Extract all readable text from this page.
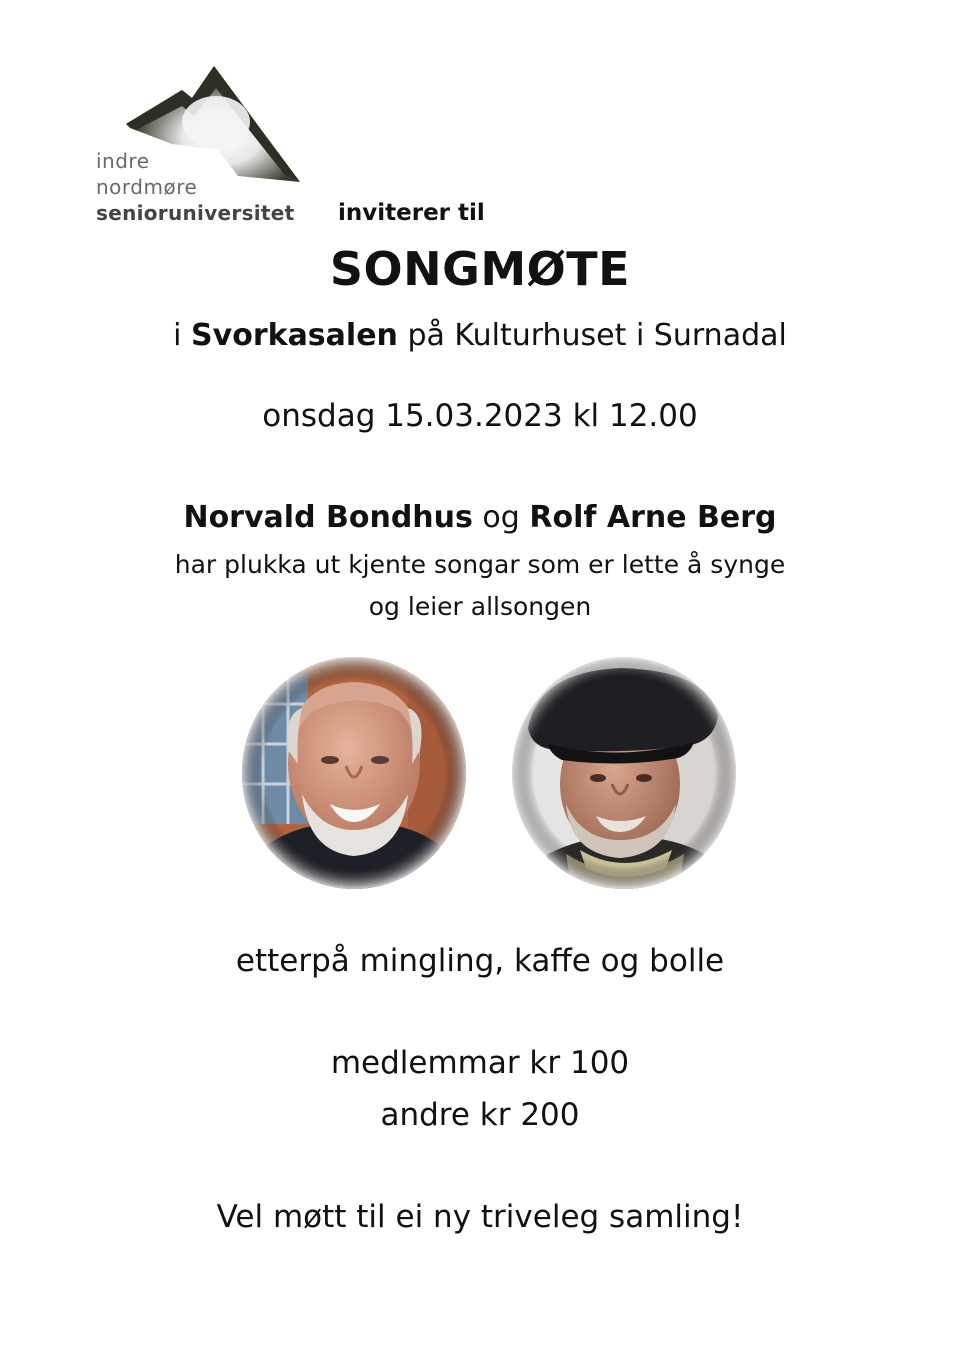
indre
nordmøre
senioruniversitet inviterer til
SONGMØTE
i Svorkasalen på Kulturhuset i Surnadal
onsdag 15.03.2023 kl 12.00
Norvald Bondhus og Rolf Arne Berg
har plukka ut kjente songar som er lette å synge
og leier allsongen
etterpå mingling, kaffe og bolle
medlemmar kr 100
andre kr 200
Vel møtt til ei ny triveleg samling!
